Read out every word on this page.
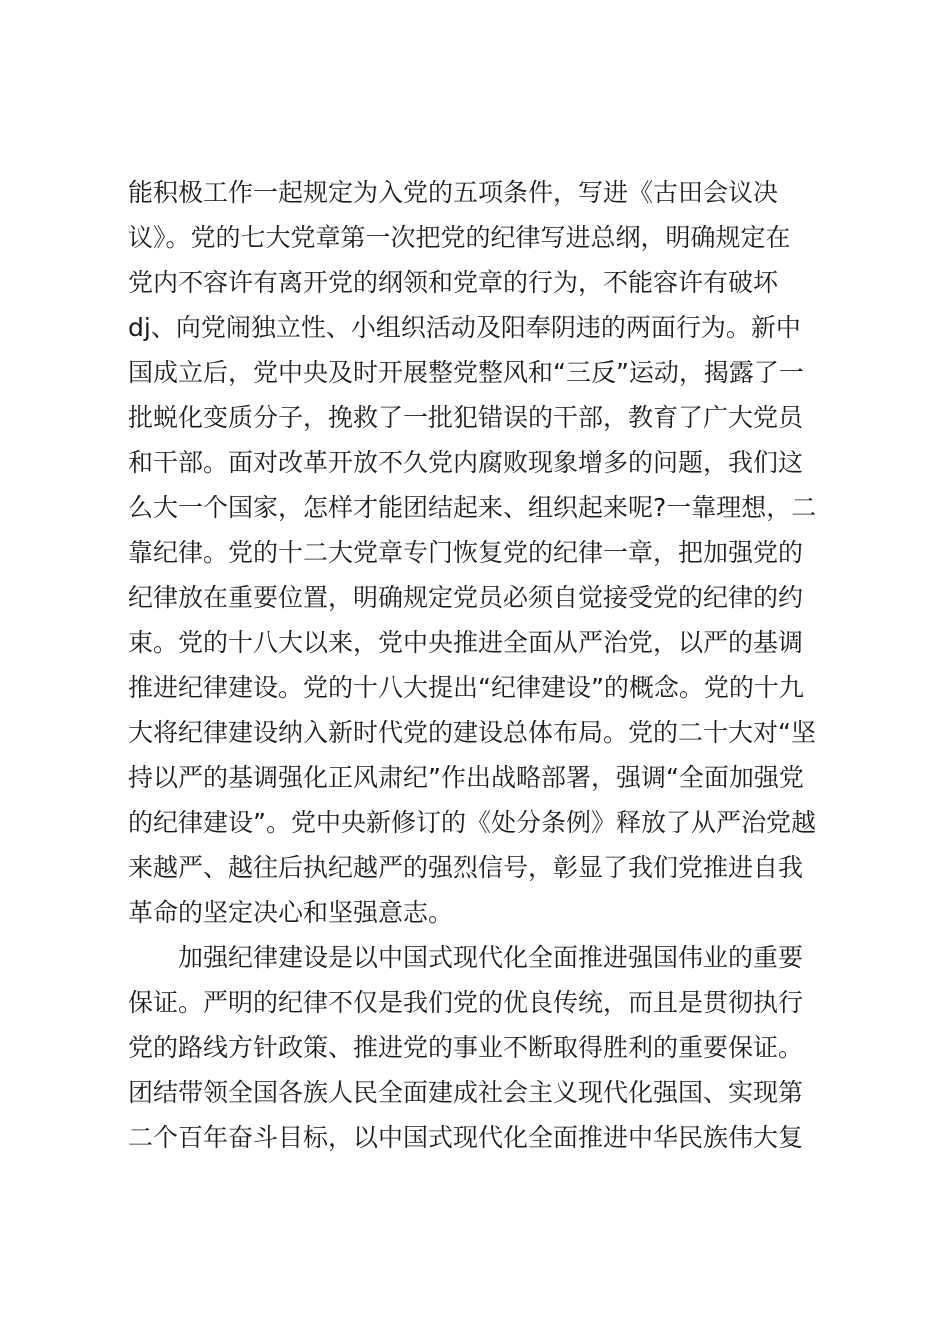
能积极工作一起规定为入党的五项条件，写进《古田会议决
议》。党的七大党章第一次把党的纪律写进总纲，明确规定在
党内不容许有离开党的纲领和党章的行为，不能容许有破坏
dj、向党闹独立性、小组织活动及阳奉阴违的两面行为。新中
国成立后，党中央及时开展整党整风和“三反”运动，揭露了一
批蜕化变质分子，挽救了一批犯错误的干部，教育了广大党员
和干部。面对改革开放不久党内腐败现象增多的问题，我们这
么大一个国家，怎样才能团结起来、组织起来呢?一靠理想，二
靠纪律。党的十二大党章专门恢复党的纪律一章，把加强党的
纪律放在重要位置，明确规定党员必须自觉接受党的纪律的约
束。党的十八大以来，党中央推进全面从严治党，以严的基调
推进纪律建设。党的十八大提出“纪律建设”的概念。党的十九
大将纪律建设纳入新时代党的建设总体布局。党的二十大对“坚
持以严的基调强化正风肃纪”作出战略部署，强调“全面加强党
的纪律建设”。党中央新修订的《处分条例》释放了从严治党越
来越严、越往后执纪越严的强烈信号，彰显了我们党推进自我
革命的坚定决心和坚强意志。
加强纪律建设是以中国式现代化全面推进强国伟业的重要
保证。严明的纪律不仅是我们党的优良传统，而且是贯彻执行
党的路线方针政策、推进党的事业不断取得胜利的重要保证。
团结带领全国各族人民全面建成社会主义现代化强国、实现第
二个百年奋斗目标，以中国式现代化全面推进中华民族伟大复
